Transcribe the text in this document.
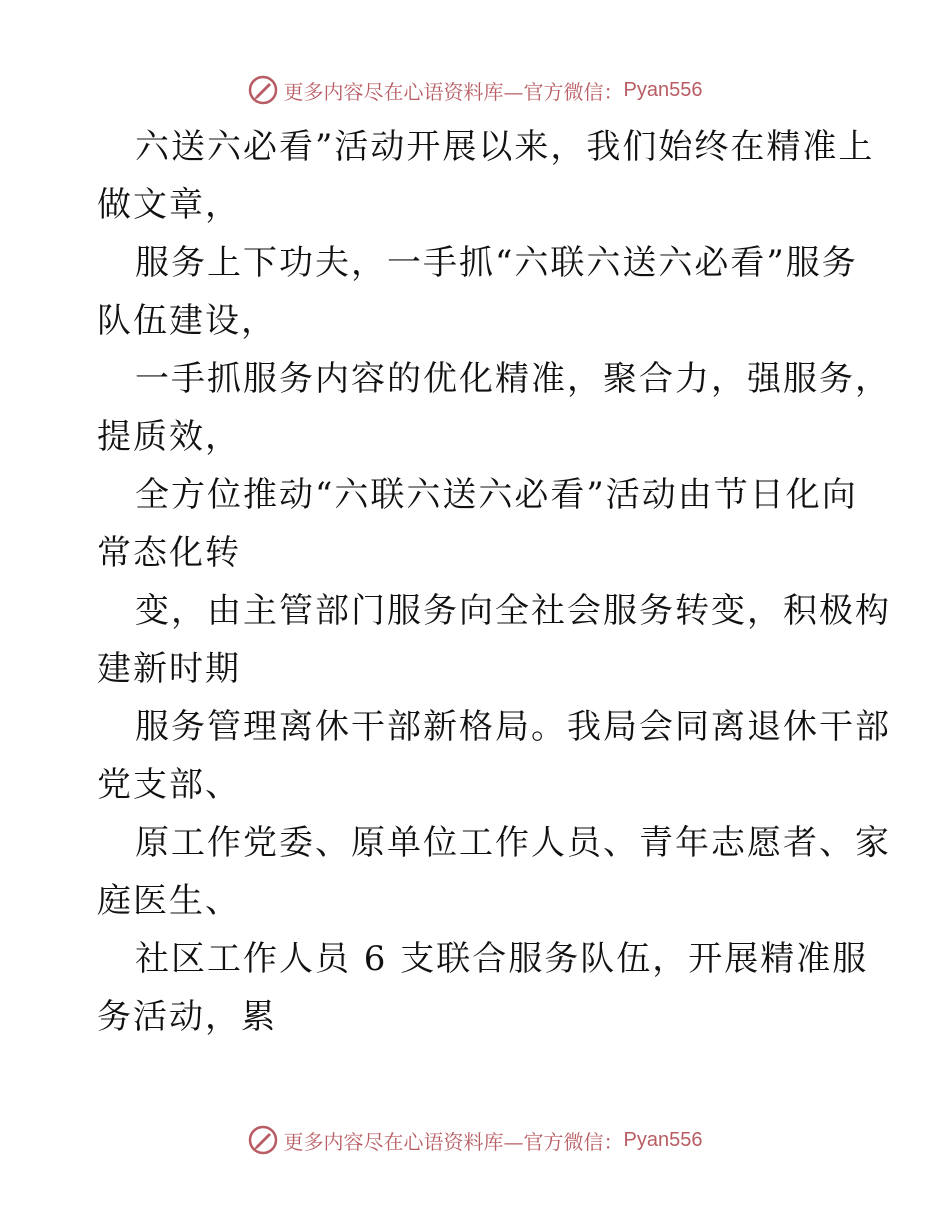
更多内容尽在心语资料库—官方微信： Pyan556
六送六必看”活动开展以来，我们始终在精准上
做文章，
服务上下功夫，一手抓“六联六送六必看”服务
队伍建设，
一手抓服务内容的优化精准，聚合力，强服务，
提质效，
全方位推动“六联六送六必看”活动由节日化向
常态化转
变，由主管部门服务向全社会服务转变，积极构
建新时期
服务管理离休干部新格局。我局会同离退休干部
党支部、
原工作党委、原单位工作人员、青年志愿者、家
庭医生、
社区工作人员 6 支联合服务队伍，开展精准服
务活动，累
更多内容尽在心语资料库—官方微信： Pyan556
